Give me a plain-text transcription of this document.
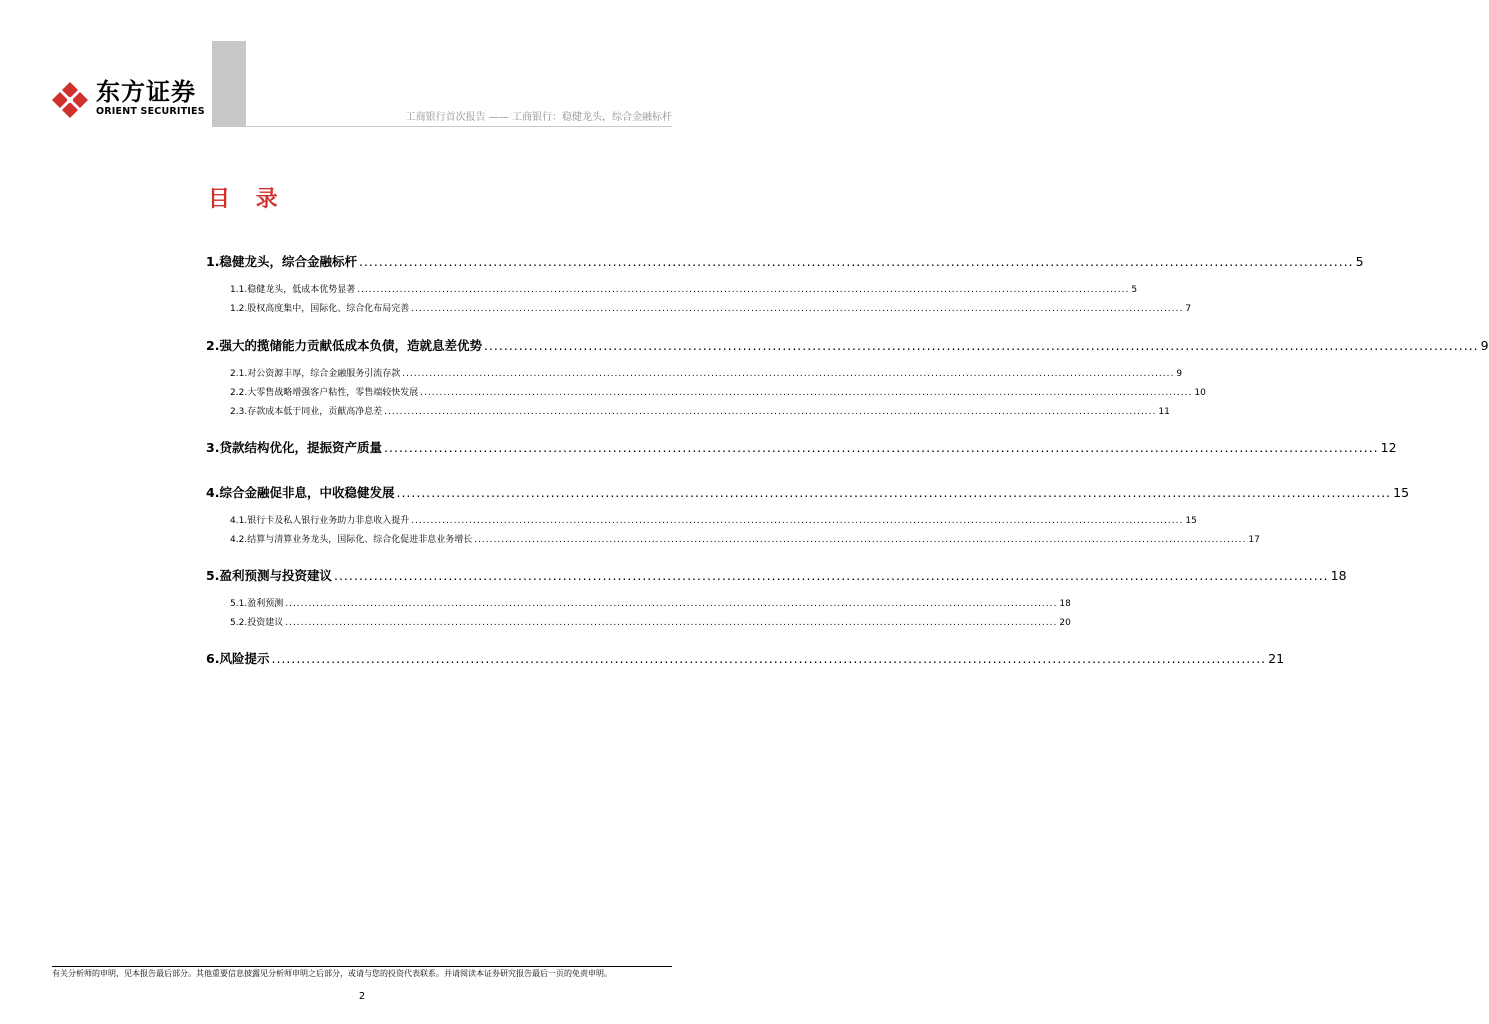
东方证券
ORIENT SECURITIES
工商银行首次报告 —— 工商银行：稳健龙头，综合金融标杆
目 录
1. 稳健龙头，综合金融标杆 ........................................................................................................................................................................................................ 5
1.1. 稳健龙头，低成本优势显著 ........................................................................................................................................................................................................ 5
1.2. 股权高度集中，国际化、综合化布局完善 ........................................................................................................................................................................................................ 7
2. 强大的揽储能力贡献低成本负债，造就息差优势 ........................................................................................................................................................................................................ 9
2.1. 对公资源丰厚，综合金融服务引流存款 ........................................................................................................................................................................................................ 9
2.2. 大零售战略增强客户粘性，零售端较快发展 ........................................................................................................................................................................................................ 10
2.3. 存款成本低于同业，贡献高净息差 ........................................................................................................................................................................................................ 11
3. 贷款结构优化，提振资产质量 ........................................................................................................................................................................................................ 12
4. 综合金融促非息，中收稳健发展 ........................................................................................................................................................................................................ 15
4.1. 银行卡及私人银行业务助力非息收入提升 ........................................................................................................................................................................................................ 15
4.2. 结算与清算业务龙头，国际化、综合化促进非息业务增长 ........................................................................................................................................................................................................ 17
5. 盈利预测与投资建议 ........................................................................................................................................................................................................ 18
5.1. 盈利预测 ........................................................................................................................................................................................................ 18
5.2. 投资建议 ........................................................................................................................................................................................................ 20
6. 风险提示 ........................................................................................................................................................................................................ 21
有关分析师的申明，见本报告最后部分。其他重要信息披露见分析师申明之后部分，或请与您的投资代表联系。并请阅读本证券研究报告最后一页的免责申明。
2
